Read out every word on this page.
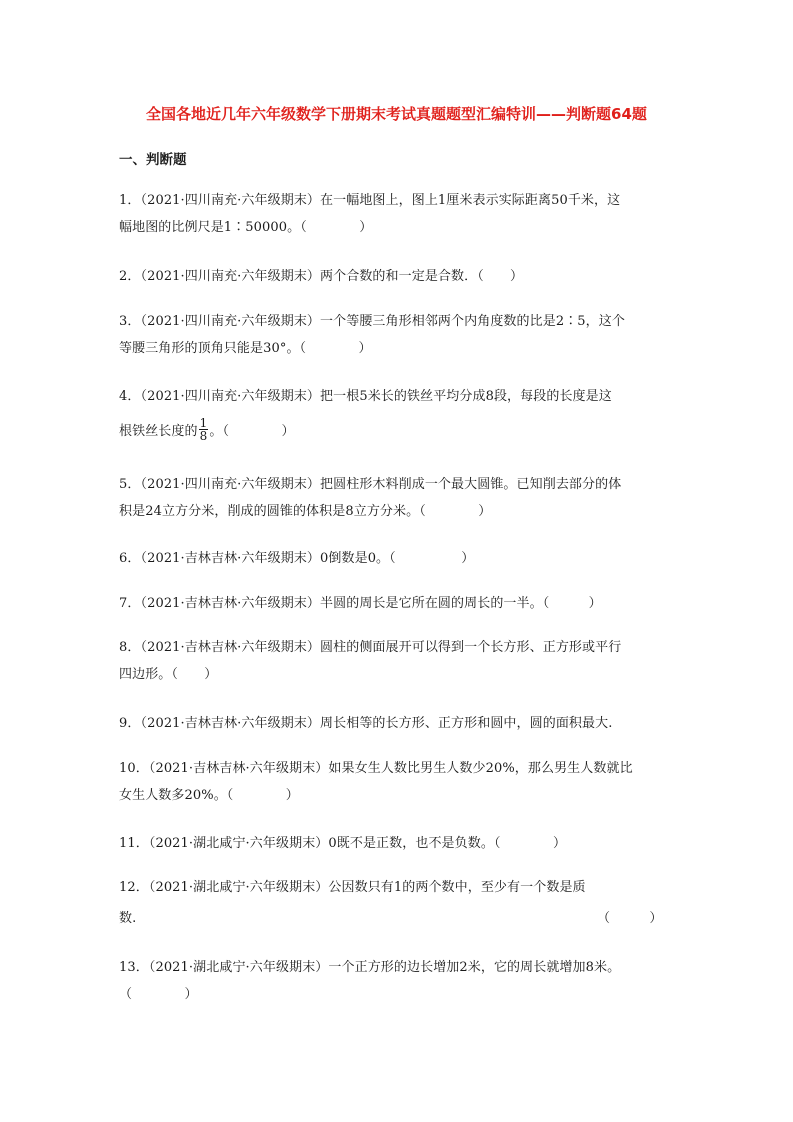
全国各地近几年六年级数学下册期末考试真题题型汇编特训——判断题64题
一、判断题
1．（2021·四川南充·六年级期末）在一幅地图上，图上1厘米表示实际距离50千米，这
幅地图的比例尺是1∶50000。（　　　　）
2．（2021·四川南充·六年级期末）两个合数的和一定是合数．（　　）
3．（2021·四川南充·六年级期末）一个等腰三角形相邻两个内角度数的比是2∶5，这个
等腰三角形的顶角只能是30°。（　　　　）
4．（2021·四川南充·六年级期末）把一根5米长的铁丝平均分成8段，每段的长度是这
根铁丝长度的 $\frac{1}{8}$ 。（　　　　）
5．（2021·四川南充·六年级期末）把圆柱形木料削成一个最大圆锥。已知削去部分的体
积是24立方分米，削成的圆锥的体积是8立方分米。（　　　　）
6．（2021·吉林吉林·六年级期末）0倒数是0。（　　　　　）
7．（2021·吉林吉林·六年级期末）半圆的周长是它所在圆的周长的一半。（　　　）
8．（2021·吉林吉林·六年级期末）圆柱的侧面展开可以得到一个长方形、正方形或平行
四边形。（　　）
9．（2021·吉林吉林·六年级期末）周长相等的长方形、正方形和圆中，圆的面积最大.
10．（2021·吉林吉林·六年级期末）如果女生人数比男生人数少20%，那么男生人数就比
女生人数多20%。（　　　　）
11．（2021·湖北咸宁·六年级期末）0既不是正数，也不是负数。（　　　　）
12．（2021·湖北咸宁·六年级期末）公因数只有1的两个数中，至少有一个数是质
数.	（　　　）
13．（2021·湖北咸宁·六年级期末）一个正方形的边长增加2米，它的周长就增加8米。
（　　　　）
